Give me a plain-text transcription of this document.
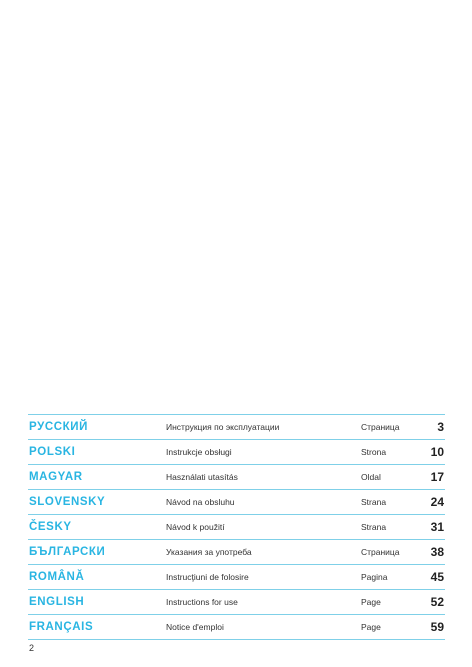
РУССКИЙ	Инструкция по эксплуатации	Страница	3
POLSKI	Instrukcje obsługi	Strona	10
MAGYAR	Használati utasítás	Oldal	17
SLOVENSKY	Návod na obsluhu	Strana	24
ČESKY	Návod k použití	Strana	31
БЪЛГАРСКИ	Указания за употреба	Страница	38
ROMÂNĂ	Instrucţiuni de folosire	Pagina	45
ENGLISH	Instructions for use	Page	52
FRANÇAIS	Notice d'emploi	Page	59
2
